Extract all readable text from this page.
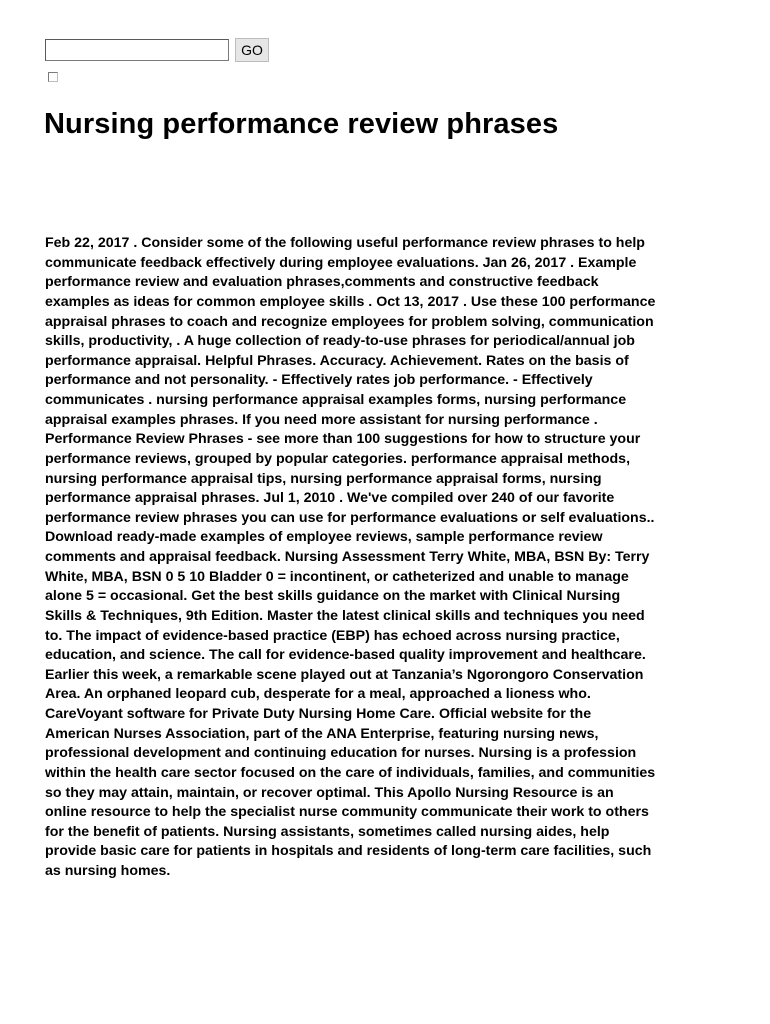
GO
Nursing performance review phrases
Feb 22, 2017 . Consider some of the following useful performance review phrases to help
communicate feedback effectively during employee evaluations. Jan 26, 2017 . Example
performance review and evaluation phrases,comments and constructive feedback
examples as ideas for common employee skills . Oct 13, 2017 . Use these 100 performance
appraisal phrases to coach and recognize employees for problem solving, communication
skills, productivity, . A huge collection of ready-to-use phrases for periodical/annual job
performance appraisal. Helpful Phrases. Accuracy. Achievement. Rates on the basis of
performance and not personality. - Effectively rates job performance. - Effectively
communicates . nursing performance appraisal examples forms, nursing performance
appraisal examples phrases. If you need more assistant for nursing performance .
Performance Review Phrases - see more than 100 suggestions for how to structure your
performance reviews, grouped by popular categories. performance appraisal methods,
nursing performance appraisal tips, nursing performance appraisal forms, nursing
performance appraisal phrases. Jul 1, 2010 . We've compiled over 240 of our favorite
performance review phrases you can use for performance evaluations or self evaluations..
Download ready-made examples of employee reviews, sample performance review
comments and appraisal feedback. Nursing Assessment Terry White, MBA, BSN By: Terry
White, MBA, BSN 0 5 10 Bladder 0 = incontinent, or catheterized and unable to manage
alone 5 = occasional. Get the best skills guidance on the market with Clinical Nursing
Skills & Techniques, 9th Edition. Master the latest clinical skills and techniques you need
to. The impact of evidence-based practice (EBP) has echoed across nursing practice,
education, and science. The call for evidence-based quality improvement and healthcare.
Earlier this week, a remarkable scene played out at Tanzania’s Ngorongoro Conservation
Area. An orphaned leopard cub, desperate for a meal, approached a lioness who.
CareVoyant software for Private Duty Nursing Home Care. Official website for the
American Nurses Association, part of the ANA Enterprise, featuring nursing news,
professional development and continuing education for nurses. Nursing is a profession
within the health care sector focused on the care of individuals, families, and communities
so they may attain, maintain, or recover optimal. This Apollo Nursing Resource is an
online resource to help the specialist nurse community communicate their work to others
for the benefit of patients. Nursing assistants, sometimes called nursing aides, help
provide basic care for patients in hospitals and residents of long-term care facilities, such
as nursing homes.
